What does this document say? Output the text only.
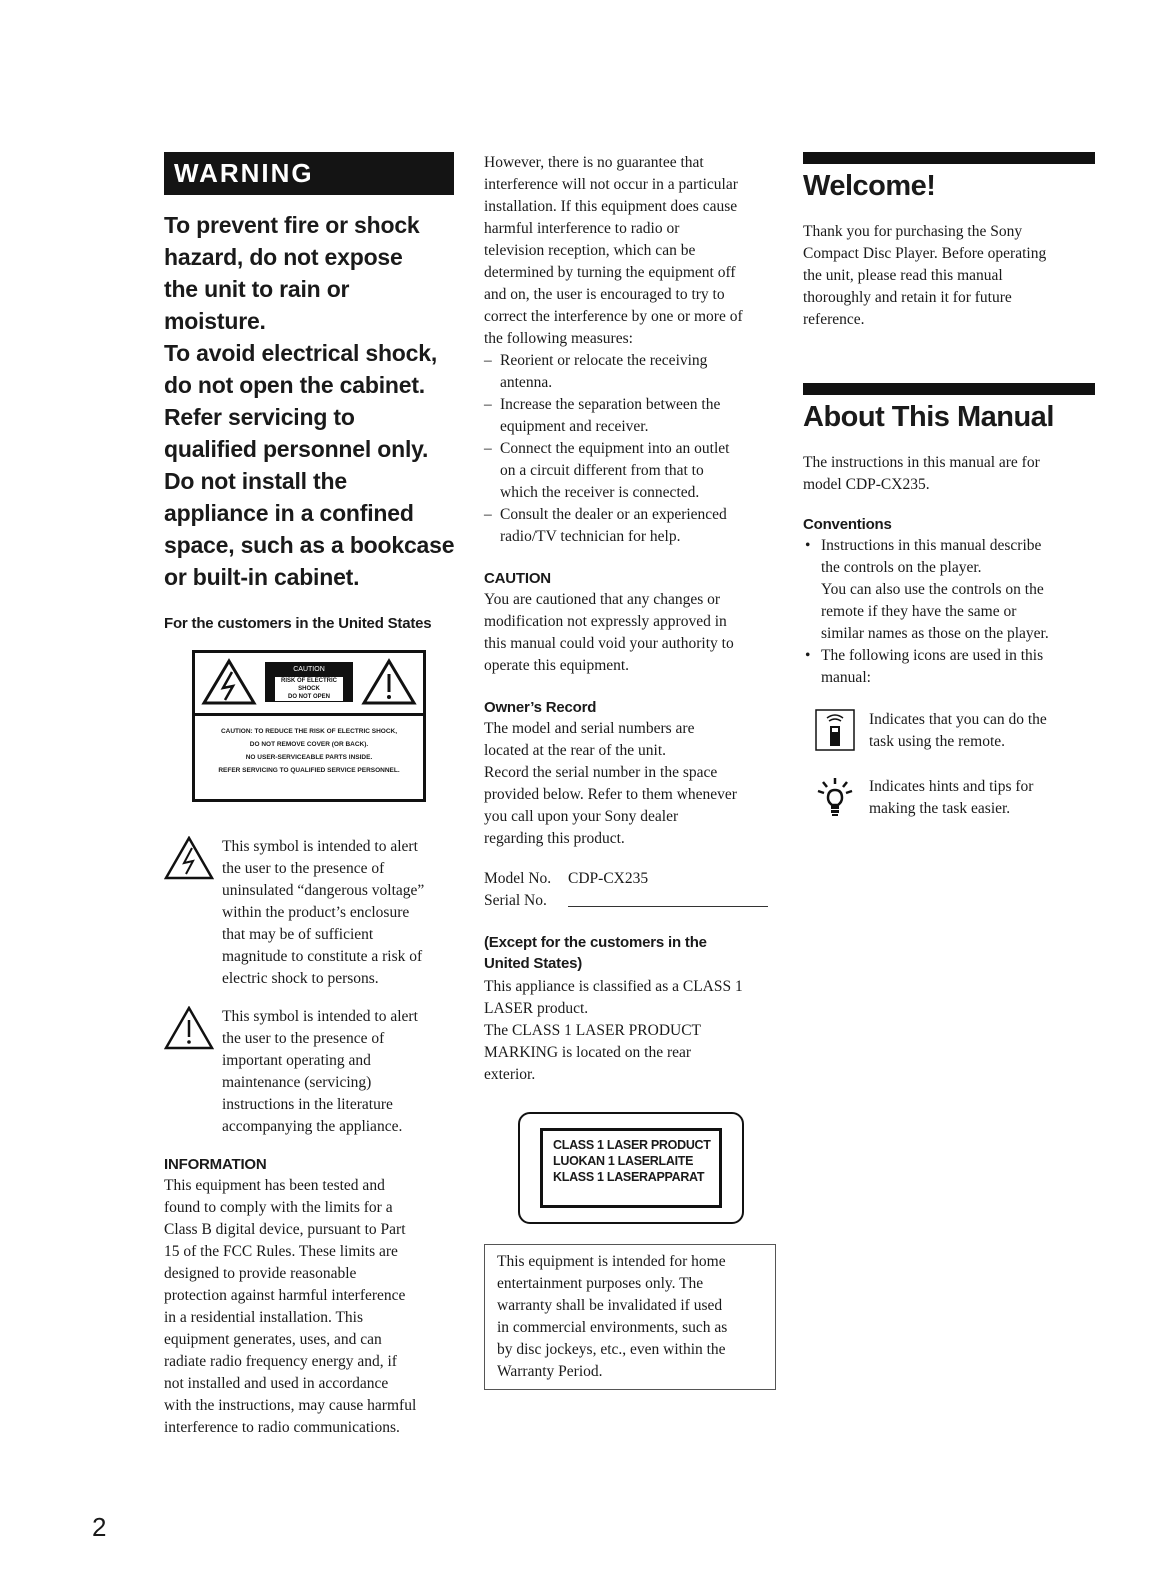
WARNING

To prevent fire or shock
hazard, do not expose
the unit to rain or
moisture.
To avoid electrical shock,
do not open the cabinet.
Refer servicing to
qualified personnel only.
Do not install the
appliance in a confined
space, such as a bookcase
or built-in cabinet.

For the customers in the United States
CAUTION
RISK OF ELECTRIC SHOCK
DO NOT OPEN
CAUTION: TO REDUCE THE RISK OF ELECTRIC SHOCK,
DO NOT REMOVE COVER (OR BACK).
NO USER-SERVICEABLE PARTS INSIDE.
REFER SERVICING TO QUALIFIED SERVICE PERSONNEL.

This symbol is intended to alert
the user to the presence of
uninsulated “dangerous voltage”
within the product’s enclosure
that may be of sufficient
magnitude to constitute a risk of
electric shock to persons.

This symbol is intended to alert
the user to the presence of
important operating and
maintenance (servicing)
instructions in the literature
accompanying the appliance.

INFORMATION

This equipment has been tested and
found to comply with the limits for a
Class B digital device, pursuant to Part
15 of the FCC Rules. These limits are
designed to provide reasonable
protection against harmful interference
in a residential installation. This
equipment generates, uses, and can
radiate radio frequency energy and, if
not installed and used in accordance
with the instructions, may cause harmful
interference to radio communications.

However, there is no guarantee that
interference will not occur in a particular
installation. If this equipment does cause
harmful interference to radio or
television reception, which can be
determined by turning the equipment off
and on, the user is encouraged to try to
correct the interference by one or more of
the following measures:

– Reorient or relocate the receiving
antenna.
– Increase the separation between the
equipment and receiver.
– Connect the equipment into an outlet
on a circuit different from that to
which the receiver is connected.
– Consult the dealer or an experienced
radio/TV technician for help.
CAUTION

You are cautioned that any changes or
modification not expressly approved in
this manual could void your authority to
operate this equipment.

Owner’s Record

The model and serial numbers are
located at the rear of the unit.
Record the serial number in the space
provided below. Refer to them whenever
you call upon your Sony dealer
regarding this product.

Model No.	CDP-CX235
Serial No.
(Except for the customers in the
United States)

This appliance is classified as a CLASS 1
LASER product.
The CLASS 1 LASER PRODUCT
MARKING is located on the rear
exterior.

CLASS 1 LASER PRODUCT
LUOKAN 1 LASERLAITE
KLASS 1 LASERAPPARAT

This equipment is intended for home
entertainment purposes only. The
warranty shall be invalidated if used
in commercial environments, such as
by disc jockeys, etc., even within the
Warranty Period.

Welcome!

Thank you for purchasing the Sony
Compact Disc Player. Before operating
the unit, please read this manual
thoroughly and retain it for future
reference.

About This Manual

The instructions in this manual are for
model CDP-CX235.

Conventions
• Instructions in this manual describe
the controls on the player.
You can also use the controls on the
remote if they have the same or
similar names as those on the player.
• The following icons are used in this
manual:

Indicates that you can do the
task using the remote.

Indicates hints and tips for
making the task easier.

2
